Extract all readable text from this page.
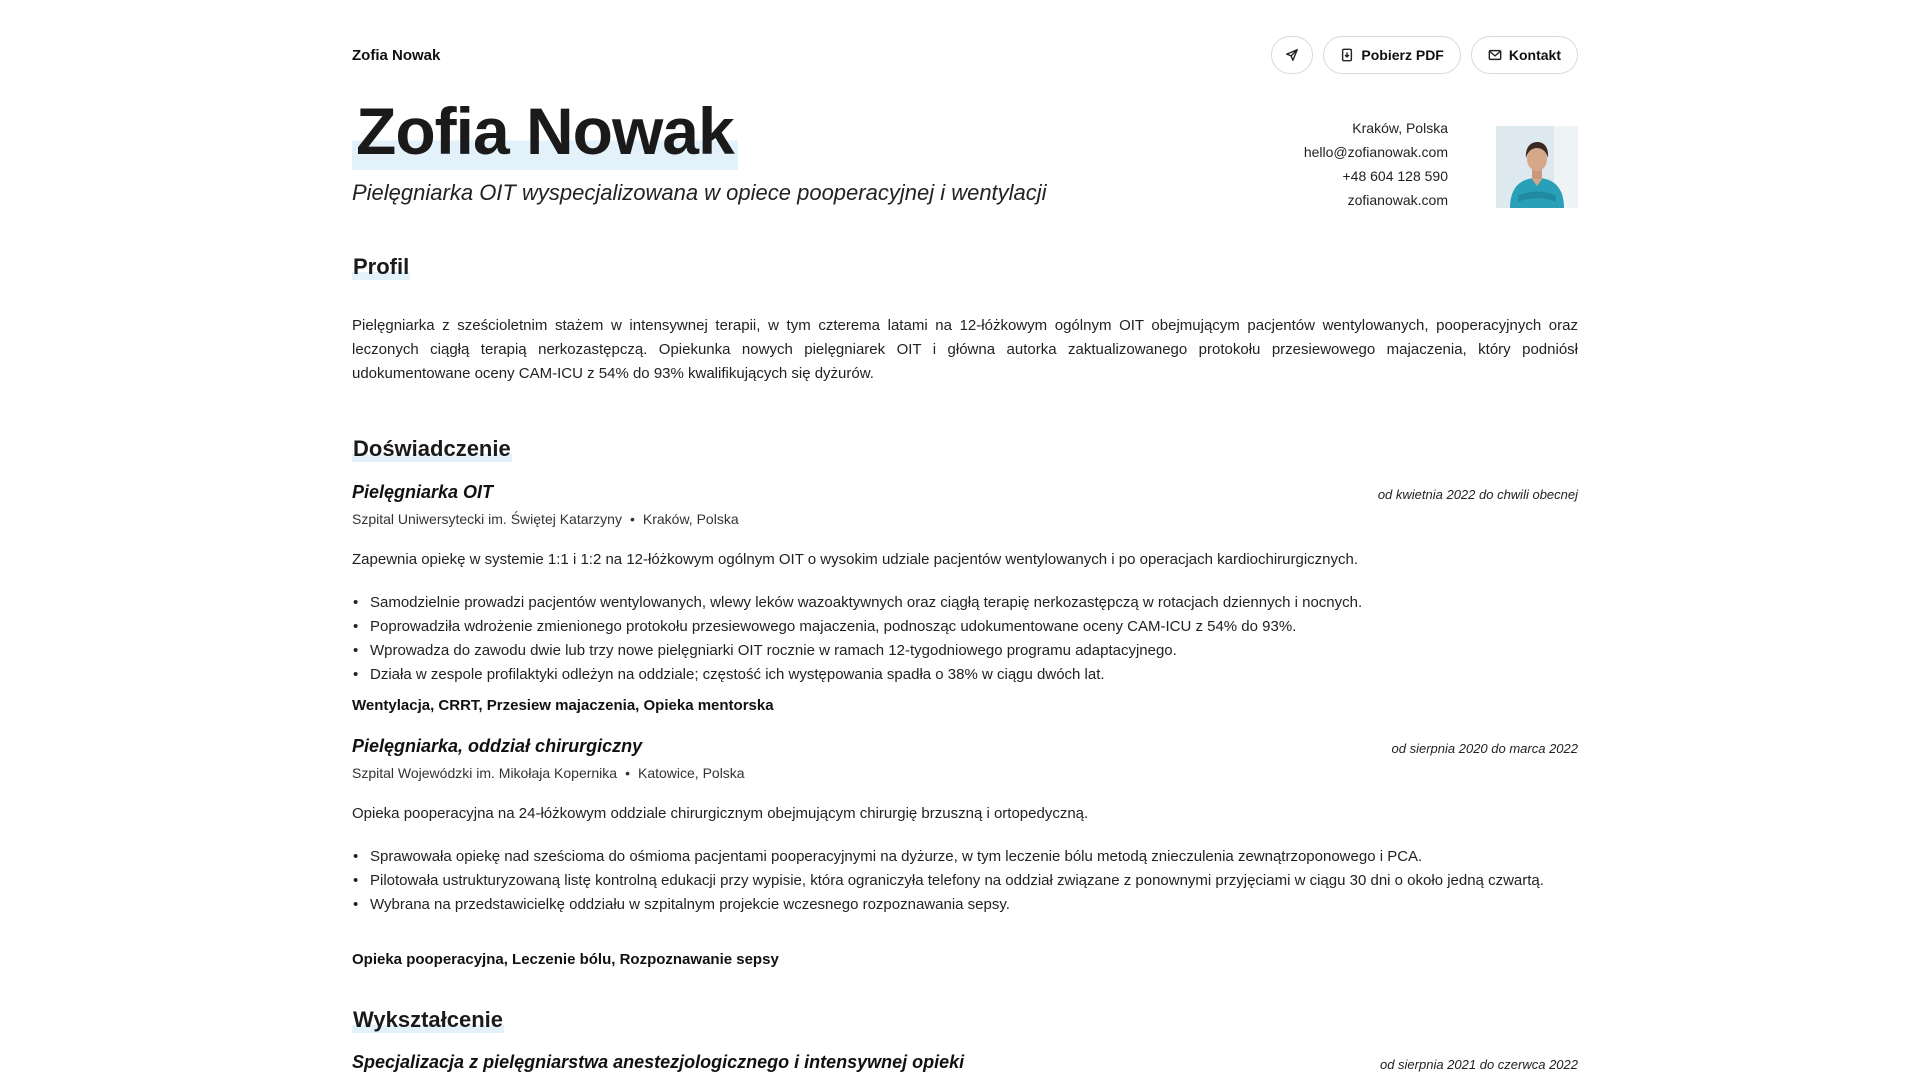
Zofia Nowak	Pobierz PDF	Kontakt
Zofia Nowak
Pielęgniarka OIT wyspecjalizowana w opiece pooperacyjnej i wentylacji
Kraków, Polska
hello@zofianowak.com
+48 604 128 590
zofianowak.com
Profil
Pielęgniarka z sześcioletnim stażem w intensywnej terapii, w tym czterema latami na 12-łóżkowym ogólnym OIT obejmującym pacjentów wentylowanych, pooperacyjnych oraz leczonych ciągłą terapią nerkozastępczą. Opiekunka nowych pielęgniarek OIT i główna autorka zaktualizowanego protokołu przesiewowego majaczenia, który podniósł udokumentowane oceny CAM-ICU z 54% do 93% kwalifikujących się dyżurów.
Doświadczenie
Pielęgniarka OIT	od kwietnia 2022 do chwili obecnej
Szpital Uniwersytecki im. Świętej Katarzyny • Kraków, Polska
Zapewnia opiekę w systemie 1:1 i 1:2 na 12-łóżkowym ogólnym OIT o wysokim udziale pacjentów wentylowanych i po operacjach kardiochirurgicznych.
• Samodzielnie prowadzi pacjentów wentylowanych, wlewy leków wazoaktywnych oraz ciągłą terapię nerkozastępczą w rotacjach dziennych i nocnych.
• Poprowadziła wdrożenie zmienionego protokołu przesiewowego majaczenia, podnosząc udokumentowane oceny CAM-ICU z 54% do 93%.
• Wprowadza do zawodu dwie lub trzy nowe pielęgniarki OIT rocznie w ramach 12-tygodniowego programu adaptacyjnego.
• Działa w zespole profilaktyki odleżyn na oddziale; częstość ich występowania spadła o 38% w ciągu dwóch lat.
Wentylacja, CRRT, Przesiew majaczenia, Opieka mentorska
Pielęgniarka, oddział chirurgiczny	od sierpnia 2020 do marca 2022
Szpital Wojewódzki im. Mikołaja Kopernika • Katowice, Polska
Opieka pooperacyjna na 24-łóżkowym oddziale chirurgicznym obejmującym chirurgię brzuszną i ortopedyczną.
• Sprawowała opiekę nad sześcioma do ośmioma pacjentami pooperacyjnymi na dyżurze, w tym leczenie bólu metodą znieczulenia zewnątrzoponowego i PCA.
• Pilotowała ustrukturyzowaną listę kontrolną edukacji przy wypisie, która ograniczyła telefony na oddział związane z ponownymi przyjęciami w ciągu 30 dni o około jedną czwartą.
• Wybrana na przedstawicielkę oddziału w szpitalnym projekcie wczesnego rozpoznawania sepsy.
Opieka pooperacyjna, Leczenie bólu, Rozpoznawanie sepsy
Wykształcenie
Specjalizacja z pielęgniarstwa anestezjologicznego i intensywnej opieki	od sierpnia 2021 do czerwca 2022
